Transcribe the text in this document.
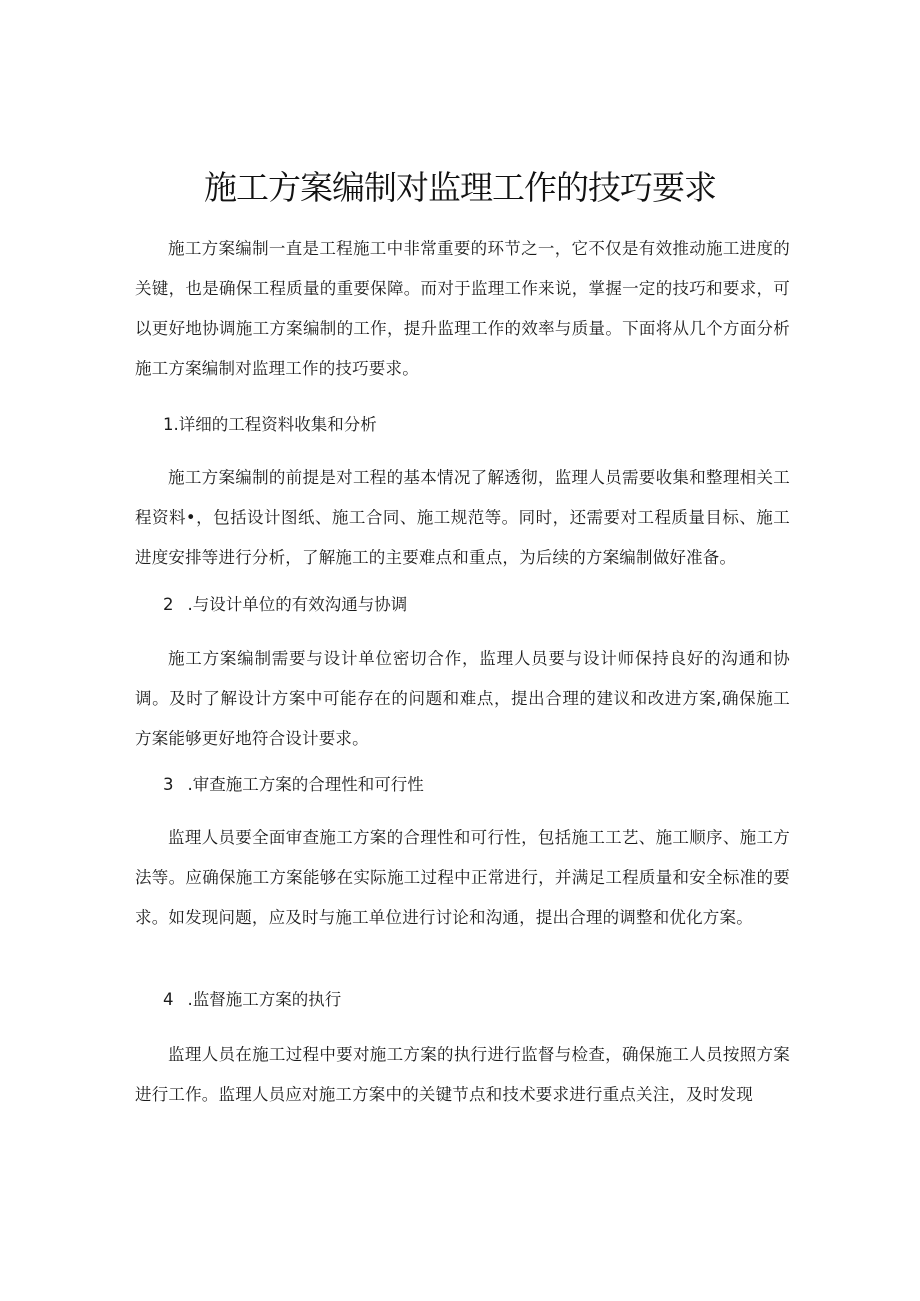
施工方案编制对监理工作的技巧要求

施工方案编制一直是工程施工中非常重要的环节之一，它不仅是有效推动施工进度的关键，也是确保工程质量的重要保障。而对于监理工作来说，掌握一定的技巧和要求，可以更好地协调施工方案编制的工作，提升监理工作的效率与质量。下面将从几个方面分析施工方案编制对监理工作的技巧要求。

1.详细的工程资料收集和分析

施工方案编制的前提是对工程的基本情况了解透彻，监理人员需要收集和整理相关工程资料•，包括设计图纸、施工合同、施工规范等。同时，还需要对工程质量目标、施工进度安排等进行分析，了解施工的主要难点和重点，为后续的方案编制做好准备。

2 .与设计单位的有效沟通与协调

施工方案编制需要与设计单位密切合作，监理人员要与设计师保持良好的沟通和协调。及时了解设计方案中可能存在的问题和难点，提出合理的建议和改进方案,确保施工方案能够更好地符合设计要求。

3 .审查施工方案的合理性和可行性

监理人员要全面审查施工方案的合理性和可行性，包括施工工艺、施工顺序、施工方法等。应确保施工方案能够在实际施工过程中正常进行，并满足工程质量和安全标准的要求。如发现问题，应及时与施工单位进行讨论和沟通，提出合理的调整和优化方案。

4 .监督施工方案的执行

监理人员在施工过程中要对施工方案的执行进行监督与检查，确保施工人员按照方案进行工作。监理人员应对施工方案中的关键节点和技术要求进行重点关注，及时发现
